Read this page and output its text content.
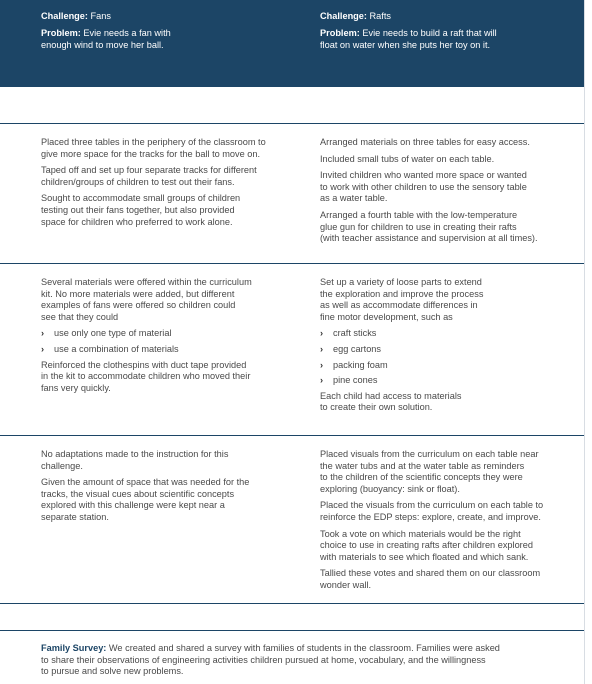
Challenge: Fans
Problem: Evie needs a fan with
enough wind to move her ball.
Challenge: Rafts
Problem: Evie needs to build a raft that will
float on water when she puts her toy on it.

Placed three tables in the periphery of the classroom to
give more space for the tracks for the ball to move on.

Taped off and set up four separate tracks for different
children/groups of children to test out their fans.

Sought to accommodate small groups of children
testing out their fans together, but also provided
space for children who preferred to work alone.

Arranged materials on three tables for easy access.

Included small tubs of water on each table.

Invited children who wanted more space or wanted
to work with other children to use the sensory table
as a water table.

Arranged a fourth table with the low-temperature
glue gun for children to use in creating their rafts
(with teacher assistance and supervision at all times).

Several materials were offered within the curriculum
kit. No more materials were added, but different
examples of fans were offered so children could
see that they could

› use only one type of material
› use a combination of materials

Reinforced the clothespins with duct tape provided
in the kit to accommodate children who moved their
fans very quickly.

Set up a variety of loose parts to extend
the exploration and improve the process
as well as accommodate differences in
fine motor development, such as

› craft sticks
› egg cartons
› packing foam
› pine cones

Each child had access to materials
to create their own solution.

No adaptations made to the instruction for this
challenge.

Given the amount of space that was needed for the
tracks, the visual cues about scientific concepts
explored with this challenge were kept near a
separate station.

Placed visuals from the curriculum on each table near
the water tubs and at the water table as reminders
to the children of the scientific concepts they were
exploring (buoyancy: sink or float).

Placed the visuals from the curriculum on each table to
reinforce the EDP steps: explore, create, and improve.

Took a vote on which materials would be the right
choice to use in creating rafts after children explored
with materials to see which floated and which sank.

Tallied these votes and shared them on our classroom
wonder wall.

Family Survey: We created and shared a survey with families of students in the classroom. Families were asked
to share their observations of engineering activities children pursued at home, vocabulary, and the willingness
to pursue and solve new problems.
